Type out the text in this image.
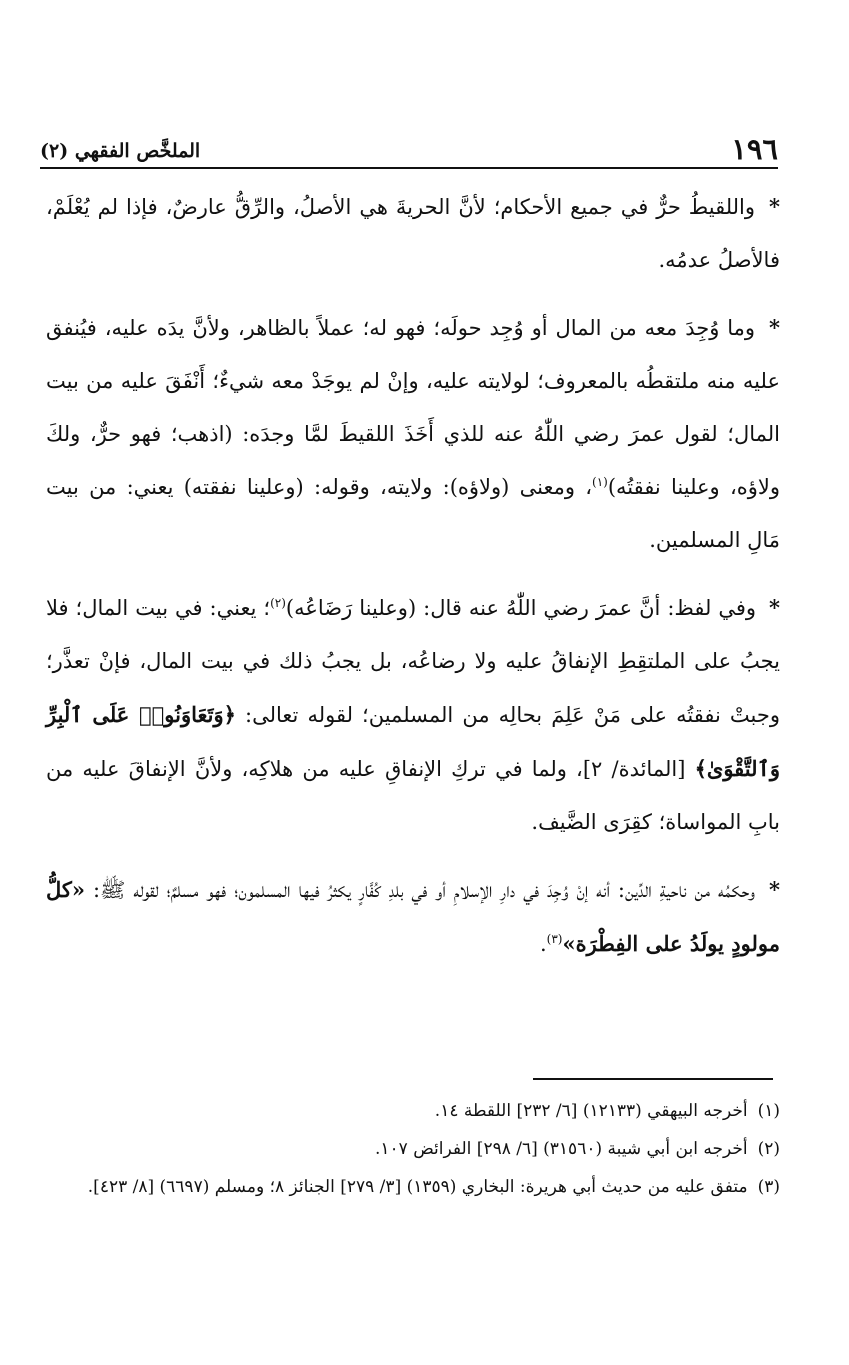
١٩٦
الملخَّص الفقهي (٢)

* واللقيطُ حرٌّ في جميع الأحكام؛ لأنَّ الحريةَ هي الأصلُ، والرِّقُّ عارضٌ، فإذا لم يُعْلَمْ، فالأصلُ عدمُه.

* وما وُجِدَ معه من المال أو وُجِد حولَه؛ فهو له؛ عملاً بالظاهر، ولأنَّ يدَه عليه، فيُنفق عليه منه ملتقطُه بالمعروف؛ لولايته عليه، وإنْ لم يوجَدْ معه شيءٌ؛ أَنْفَقَ عليه من بيت المال؛ لقول عمرَ رضي اللّٰهُ عنه للذي أَخَذَ اللقيطَ لمَّا وجدَه: (اذهب؛ فهو حرٌّ، ولكَ ولاؤه، وعلينا نفقتُه)$^{(١)}$، ومعنى (ولاؤه): ولايته، وقوله: (وعلينا نفقته) يعني: من بيت مَالِ المسلمين.

* وفي لفظ: أنَّ عمرَ رضي اللّٰهُ عنه قال: (وعلينا رَضَاعُه)$^{(٢)}$؛ يعني: في بيت المال؛ فلا يجبُ على الملتقِطِ الإنفاقُ عليه ولا رضاعُه، بل يجبُ ذلك في بيت المال، فإنْ تعذَّر؛ وجبتْ نفقتُه على مَنْ عَلِمَ بحالِه من المسلمين؛ لقوله تعالى: ﴿وَتَعَاوَنُوا۟ عَلَى ٱلْبِرِّ وَٱلتَّقْوَىٰ﴾ [المائدة/ ٢]، ولما في تركِ الإنفاقِ عليه من هلاكِه، ولأنَّ الإنفاقَ عليه من بابِ المواساة؛ كقِرَى الضَّيف.

* وحكمُه من ناحيةِ الدِّين: أنه إنْ وُجِدَ في دارِ الإسلامِ أو في بلدِ كُفَّارٍ يكثرُ فيها المسلمون؛ فهو مسلمٌ؛ لقوله ﷺ: «كلُّ مولودٍ يولَدُ على الفِطْرَة»$^{(٣)}$.

(١)
أخرجه البيهقي (١٢١٣٣) [٦/ ٢٣٢] اللقطة ١٤.
(٢)
أخرجه ابن أبي شيبة (٣١٥٦٠) [٦/ ٢٩٨] الفرائض ١٠٧.
(٣)
متفق عليه من حديث أبي هريرة: البخاري (١٣٥٩) [٣/ ٢٧٩] الجنائز ٨؛ ومسلم (٦٦٩٧) [٨/ ٤٢٣].
